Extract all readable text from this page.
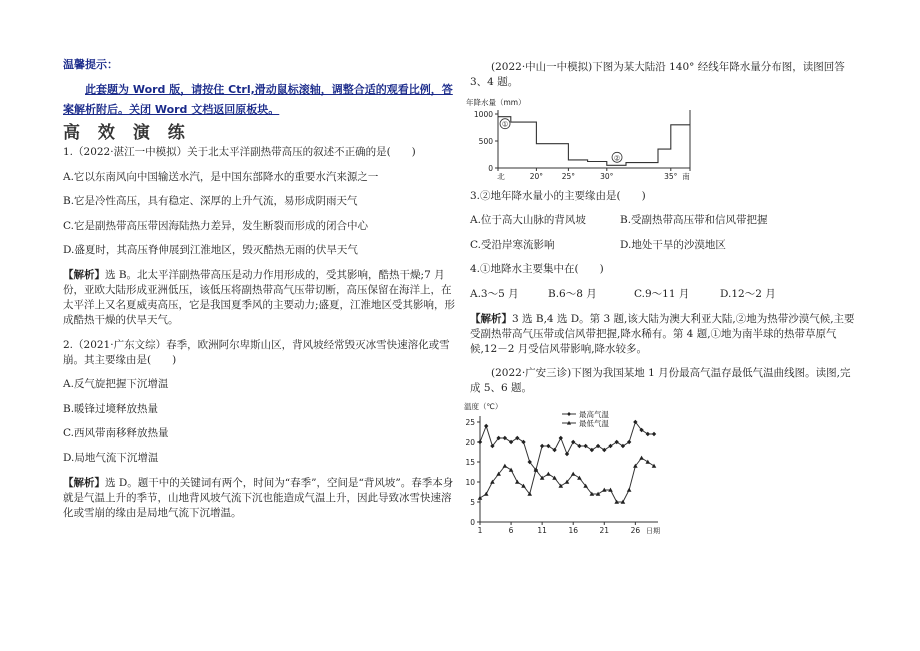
温馨提示：
此套题为 Word 版，请按住 Ctrl,滑动鼠标滚轴，调整合适的观看比例，答案解析附后。关闭 Word 文档返回原板块。
高 效 演 练

1.（2022·湛江一中模拟）关于北太平洋副热带高压的叙述不正确的是(　　)

A.它以东南风向中国输送水汽，是中国东部降水的重要水汽来源之一

B.它是冷性高压，具有稳定、深厚的上升气流，易形成阴雨天气

C.它是副热带高压带因海陆热力差异，发生断裂而形成的闭合中心

D.盛夏时，其高压脊伸展到江淮地区，毁灭酷热无雨的伏旱天气

【解析】选 B。北太平洋副热带高压是动力作用形成的，受其影响，酷热干燥;7 月份，亚欧大陆形成亚洲低压，该低压将副热带高气压带切断，高压保留在海洋上，在太平洋上又名夏威夷高压，它是我国夏季风的主要动力;盛夏，江淮地区受其影响，形成酷热干燥的伏旱天气。

2.（2021·广东文综）春季，欧洲阿尔卑斯山区，背风坡经常毁灭冰雪快速溶化或雪崩。其主要缘由是(　　)

A.反气旋把握下沉增温

B.暖锋过境释放热量

C.西风带南移释放热量

D.局地气流下沉增温

【解析】选 D。题干中的关键词有两个，时间为“春季”，空间是“背风坡”。春季本身就是气温上升的季节，山地背风坡气流下沉也能造成气温上升，因此导致冰雪快速溶化或雪崩的缘由是局地气流下沉增温。

(2022·中山一中模拟)下图为某大陆沿 140° 经线年降水量分布图，读图回答 3、4 题。

年降水量（mm）
0
500
1000
北	20° 25°	30°	35° 南
①
②

3.②地年降水量小的主要缘由是(　　)

A.位于高大山脉的背风坡	B.受副热带高压带和信风带把握
C.受沿岸寒流影响	D.地处干旱的沙漠地区

4.①地降水主要集中在(　　)

A.3～5 月	B.6～8 月	C.9～11 月	D.12～2 月

【解析】3 选 B,4 选 D。第 3 题,该大陆为澳大利亚大陆,②地为热带沙漠气候,主要受副热带高气压带或信风带把握,降水稀有。第 4 题,①地为南半球的热带草原气候,12－2 月受信风带影响,降水较多。

(2022·广安三诊)下图为我国某地 1 月份最高气温存最低气温曲线图。读图,完成 5、6 题。

温度（℃）
0
5
10
15
20
25
1	6	11	16	21	26 日期
最高气温
最低气温
